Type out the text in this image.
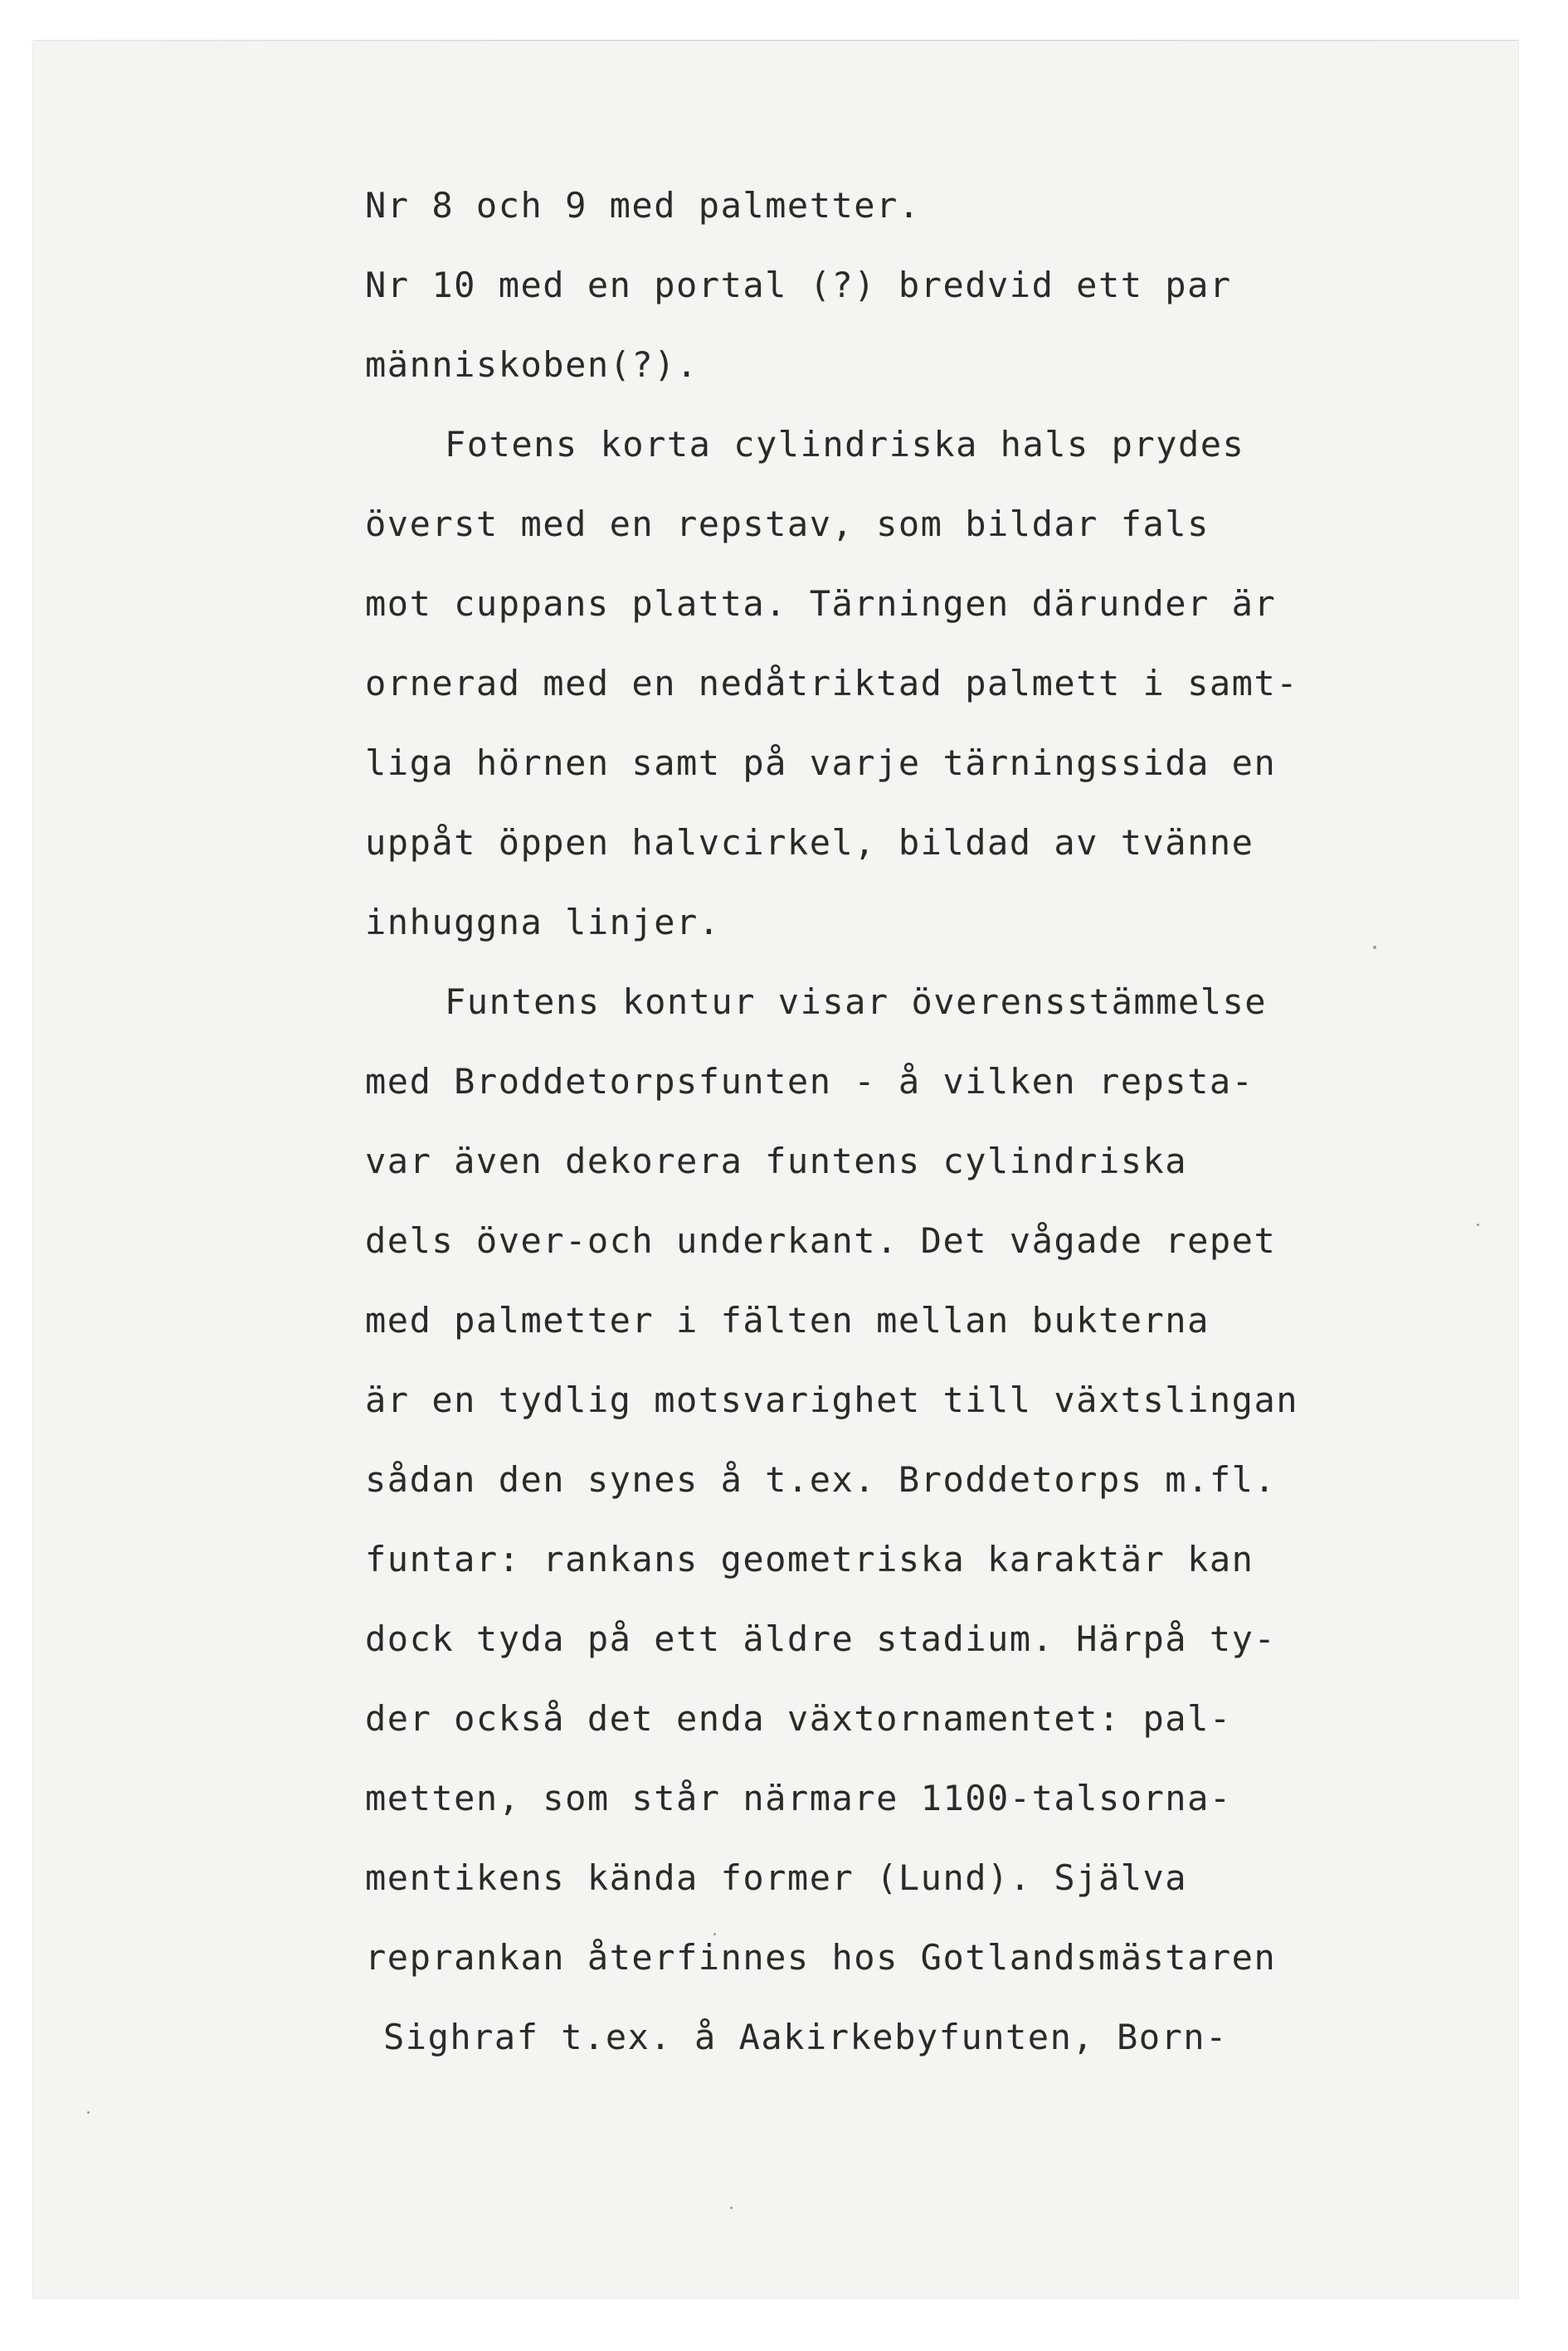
Nr 8 och 9 med palmetter.
Nr 10 med en portal (?) bredvid ett par
människoben(?).
Fotens korta cylindriska hals prydes
överst med en repstav, som bildar fals
mot cuppans platta. Tärningen därunder är
ornerad med en nedåtriktad palmett i samt-
liga hörnen samt på varje tärningssida en
uppåt öppen halvcirkel, bildad av tvänne
inhuggna linjer.
Funtens kontur visar överensstämmelse
med Broddetorpsfunten - å vilken repsta-
var även dekorera funtens cylindriska
dels över-och underkant. Det vågade repet
med palmetter i fälten mellan bukterna
är en tydlig motsvarighet till växtslingan
sådan den synes å t.ex. Broddetorps m.fl.
funtar: rankans geometriska karaktär kan
dock tyda på ett äldre stadium. Härpå ty-
der också det enda växtornamentet: pal-
metten, som står närmare 1100-talsorna-
mentikens kända former (Lund). Själva
reprankan återfinnes hos Gotlandsmästaren
Sighraf t.ex. å Aakirkebyfunten, Born-
